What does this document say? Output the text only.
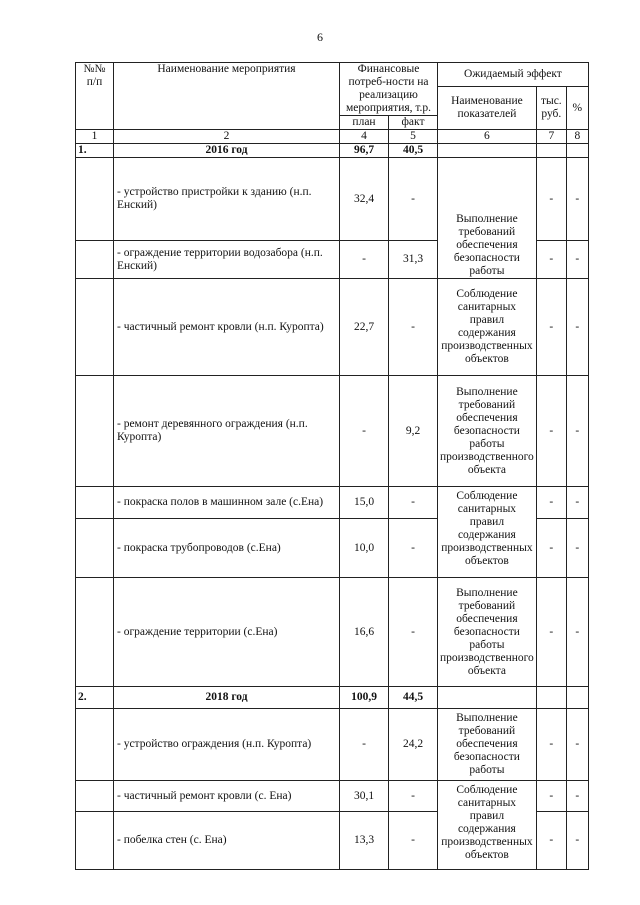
6
№№ п/п	Наименование мероприятия	Финансовые потреб-ности на реализацию мероприятия, т.р.		Ожидаемый эффект		
				Наименование показателей	тыс. руб.	%
		план	факт			
1	2	4	5	6	7	8
1.	2016 год	96,7	40,5			
	- устройство пристройки к зданию (н.п. Енский)	32,4	-	Выполнение требований обеспечения безопасности работы	-	-
	- ограждение территории водозабора (н.п. Енский)	-	31,3		-	-
	- частичный ремонт кровли (н.п. Куропта)	22,7	-	Соблюдение санитарных правил содержания производственных объектов	-	-
	- ремонт деревянного ограждения (н.п. Куропта)	-	9,2	Выполнение требований обеспечения безопасности работы производственного объекта	-	-
	- покраска полов в машинном зале (с.Ена)	15,0	-	Соблюдение санитарных правил содержания производственных объектов	-	-
	- покраска трубопроводов (с.Ена)	10,0	-		-	-
	- ограждение территории (с.Ена)	16,6	-	Выполнение требований обеспечения безопасности работы производственного объекта	-	-
2.	2018 год	100,9	44,5			
	- устройство ограждения (н.п. Куропта)	-	24,2	Выполнение требований обеспечения безопасности работы	-	-
	- частичный ремонт кровли (с. Ена)	30,1	-	Соблюдение санитарных правил содержания производственных объектов	-	-
	- побелка стен (с. Ена)	13,3	-		-	-
